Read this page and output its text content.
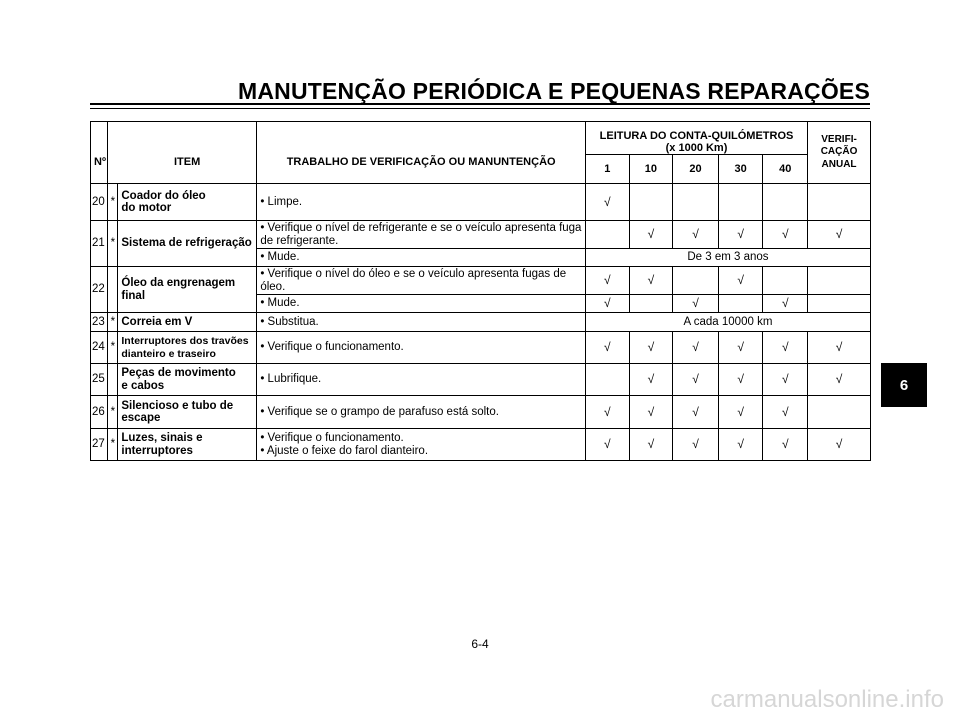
MANUTENÇÃO PERIÓDICA E PEQUENAS REPARAÇÕES
Nº		ITEM	TRABALHO DE VERIFICAÇÃO OU MANUNTENÇÃO	LEITURA DO CONTA-QUILÓMETROS
(x 1000 Km)					VERIFI-
CAÇÃO
ANUAL
				1	10	20	30	40	
20	*	Coador do óleo
do motor	• Limpe.	√					
21	*	Sistema de refrigeração	• Verifique o nível de refrigerante e se o veículo apresenta fuga de refrigerante.		√	√	√	√	√
			• Mude.	De 3 em 3 anos					
22		Óleo da engrenagem
final	• Verifique o nível do óleo e se o veículo apresenta fugas de óleo.	√	√		√		
			• Mude.	√		√		√	
23	*	Correia em V	• Substitua.	A cada 10000 km					
24	*	Interruptores dos travões
dianteiro e traseiro	• Verifique o funcionamento.	√	√	√	√	√	√
25		Peças de movimento
e cabos	• Lubrifique.		√	√	√	√	√
26	*	Silencioso e tubo de
escape	• Verifique se o grampo de parafuso está solto.	√	√	√	√	√	
27	*	Luzes, sinais e
interruptores	• Verifique o funcionamento.
• Ajuste o feixe do farol dianteiro.	√	√	√	√	√	√
6-4
6
carmanualsonline.info
